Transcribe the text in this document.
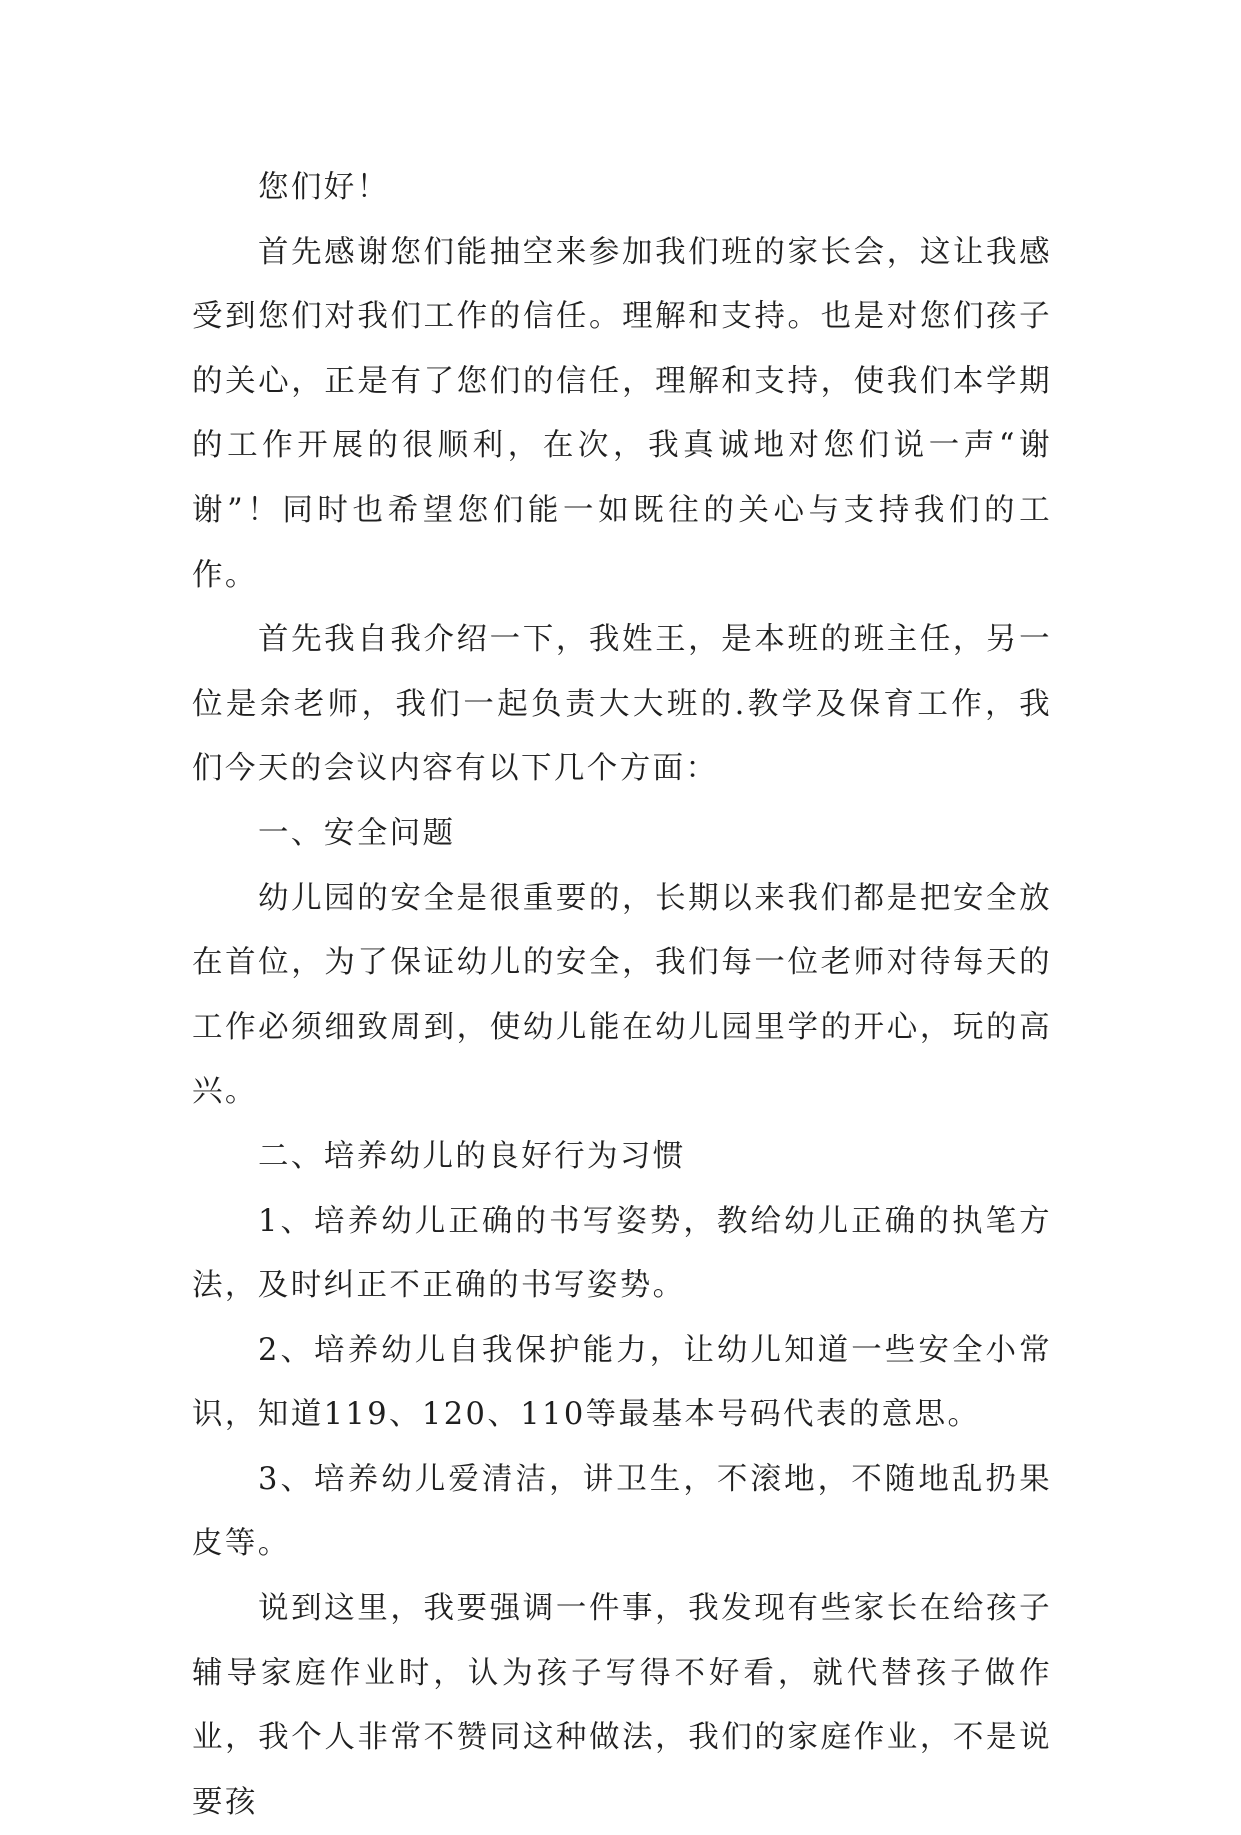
您们好！

首先感谢您们能抽空来参加我们班的家长会，这让我感受到您们对我们工作的信任。理解和支持。也是对您们孩子的关心，正是有了您们的信任，理解和支持，使我们本学期的工作开展的很顺利，在次，我真诚地对您们说一声“谢谢”！同时也希望您们能一如既往的关心与支持我们的工作。

首先我自我介绍一下，我姓王，是本班的班主任，另一位是余老师，我们一起负责大大班的.教学及保育工作，我们今天的会议内容有以下几个方面：

一、安全问题

幼儿园的安全是很重要的，长期以来我们都是把安全放在首位，为了保证幼儿的安全，我们每一位老师对待每天的工作必须细致周到，使幼儿能在幼儿园里学的开心，玩的高兴。

二、培养幼儿的良好行为习惯

1、培养幼儿正确的书写姿势，教给幼儿正确的执笔方法，及时纠正不正确的书写姿势。

2、培养幼儿自我保护能力，让幼儿知道一些安全小常识，知道119、120、110等最基本号码代表的意思。

3、培养幼儿爱清洁，讲卫生，不滚地，不随地乱扔果皮等。

说到这里，我要强调一件事，我发现有些家长在给孩子辅导家庭作业时，认为孩子写得不好看，就代替孩子做作业，我个人非常不赞同这种做法，我们的家庭作业，不是说要孩
